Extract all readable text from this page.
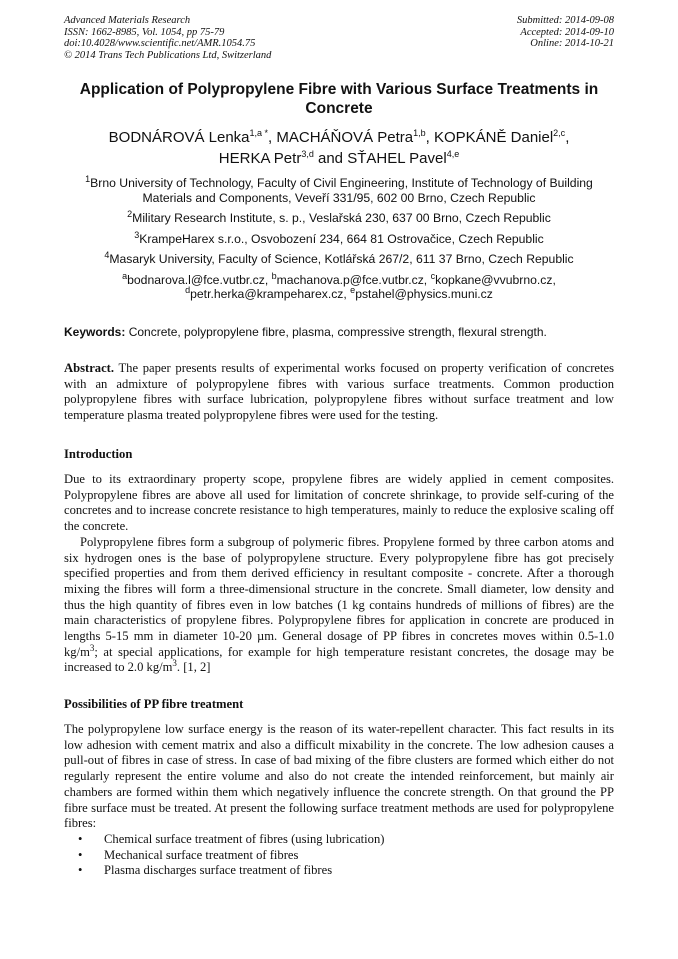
Advanced Materials Research
ISSN: 1662-8985, Vol. 1054, pp 75-79
doi:10.4028/www.scientific.net/AMR.1054.75
© 2014 Trans Tech Publications Ltd, Switzerland
Submitted: 2014-09-08
Accepted: 2014-09-10
Online: 2014-10-21
Application of Polypropylene Fibre with Various Surface Treatments in Concrete
BODNÁROVÁ Lenka$^{1,a *}$, MACHÁŇOVÁ Petra$^{1,b}$, KOPKÁNĚ Daniel$^{2,c}$,
HERKA Petr$^{3,d}$ and SŤAHEL Pavel$^{4,e}$
$^1$Brno University of Technology, Faculty of Civil Engineering, Institute of Technology of Building Materials and Components, Veveří 331/95, 602 00 Brno, Czech Republic
$^2$Military Research Institute, s. p., Veslařská 230, 637 00 Brno, Czech Republic
$^3$KrampeHarex s.r.o., Osvobození 234, 664 81 Ostrovačice, Czech Republic
$^4$Masaryk University, Faculty of Science, Kotlářská 267/2, 611 37 Brno, Czech Republic
$^a$bodnarova.l@fce.vutbr.cz, $^b$machanova.p@fce.vutbr.cz, $^c$kopkane@vvubrno.cz,
$^d$petr.herka@krampeharex.cz, $^e$pstahel@physics.muni.cz
Keywords: Concrete, polypropylene fibre, plasma, compressive strength, flexural strength.

Abstract. The paper presents results of experimental works focused on property verification of concretes with an admixture of polypropylene fibres with various surface treatments. Common production polypropylene fibres with surface lubrication, polypropylene fibres without surface treatment and low temperature plasma treated polypropylene fibres were used for the testing.

Introduction

Due to its extraordinary property scope, propylene fibres are widely applied in cement composites. Polypropylene fibres are above all used for limitation of concrete shrinkage, to provide self-curing of the concretes and to increase concrete resistance to high temperatures, mainly to reduce the explosive scaling off the concrete.

Polypropylene fibres form a subgroup of polymeric fibres. Propylene formed by three carbon atoms and six hydrogen ones is the base of polypropylene structure. Every polypropylene fibre has got precisely specified properties and from them derived efficiency in resultant composite - concrete. After a thorough mixing the fibres will form a three-dimensional structure in the concrete. Small diameter, low density and thus the high quantity of fibres even in low batches (1 kg contains hundreds of millions of fibres) are the main characteristics of propylene fibres. Polypropylene fibres for application in concrete are produced in lengths 5-15 mm in diameter 10-20 µm. General dosage of PP fibres in concretes moves within 0.5-1.0 $kg/m^3$; at special applications, for example for high temperature resistant concretes, the dosage may be increased to 2.0 $kg/m^3$. [1, 2]

Possibilities of PP fibre treatment

The polypropylene low surface energy is the reason of its water-repellent character. This fact results in its low adhesion with cement matrix and also a difficult mixability in the concrete. The low adhesion causes a pull-out of fibres in case of stress. In case of bad mixing of the fibre clusters are formed which either do not regularly represent the entire volume and also do not create the intended reinforcement, but mainly air chambers are formed within them which negatively influence the concrete strength. On that ground the PP fibre surface must be treated. At present the following surface treatment methods are used for polypropylene fibres:

• Chemical surface treatment of fibres (using lubrication)
• Mechanical surface treatment of fibres
• Plasma discharges surface treatment of fibres
